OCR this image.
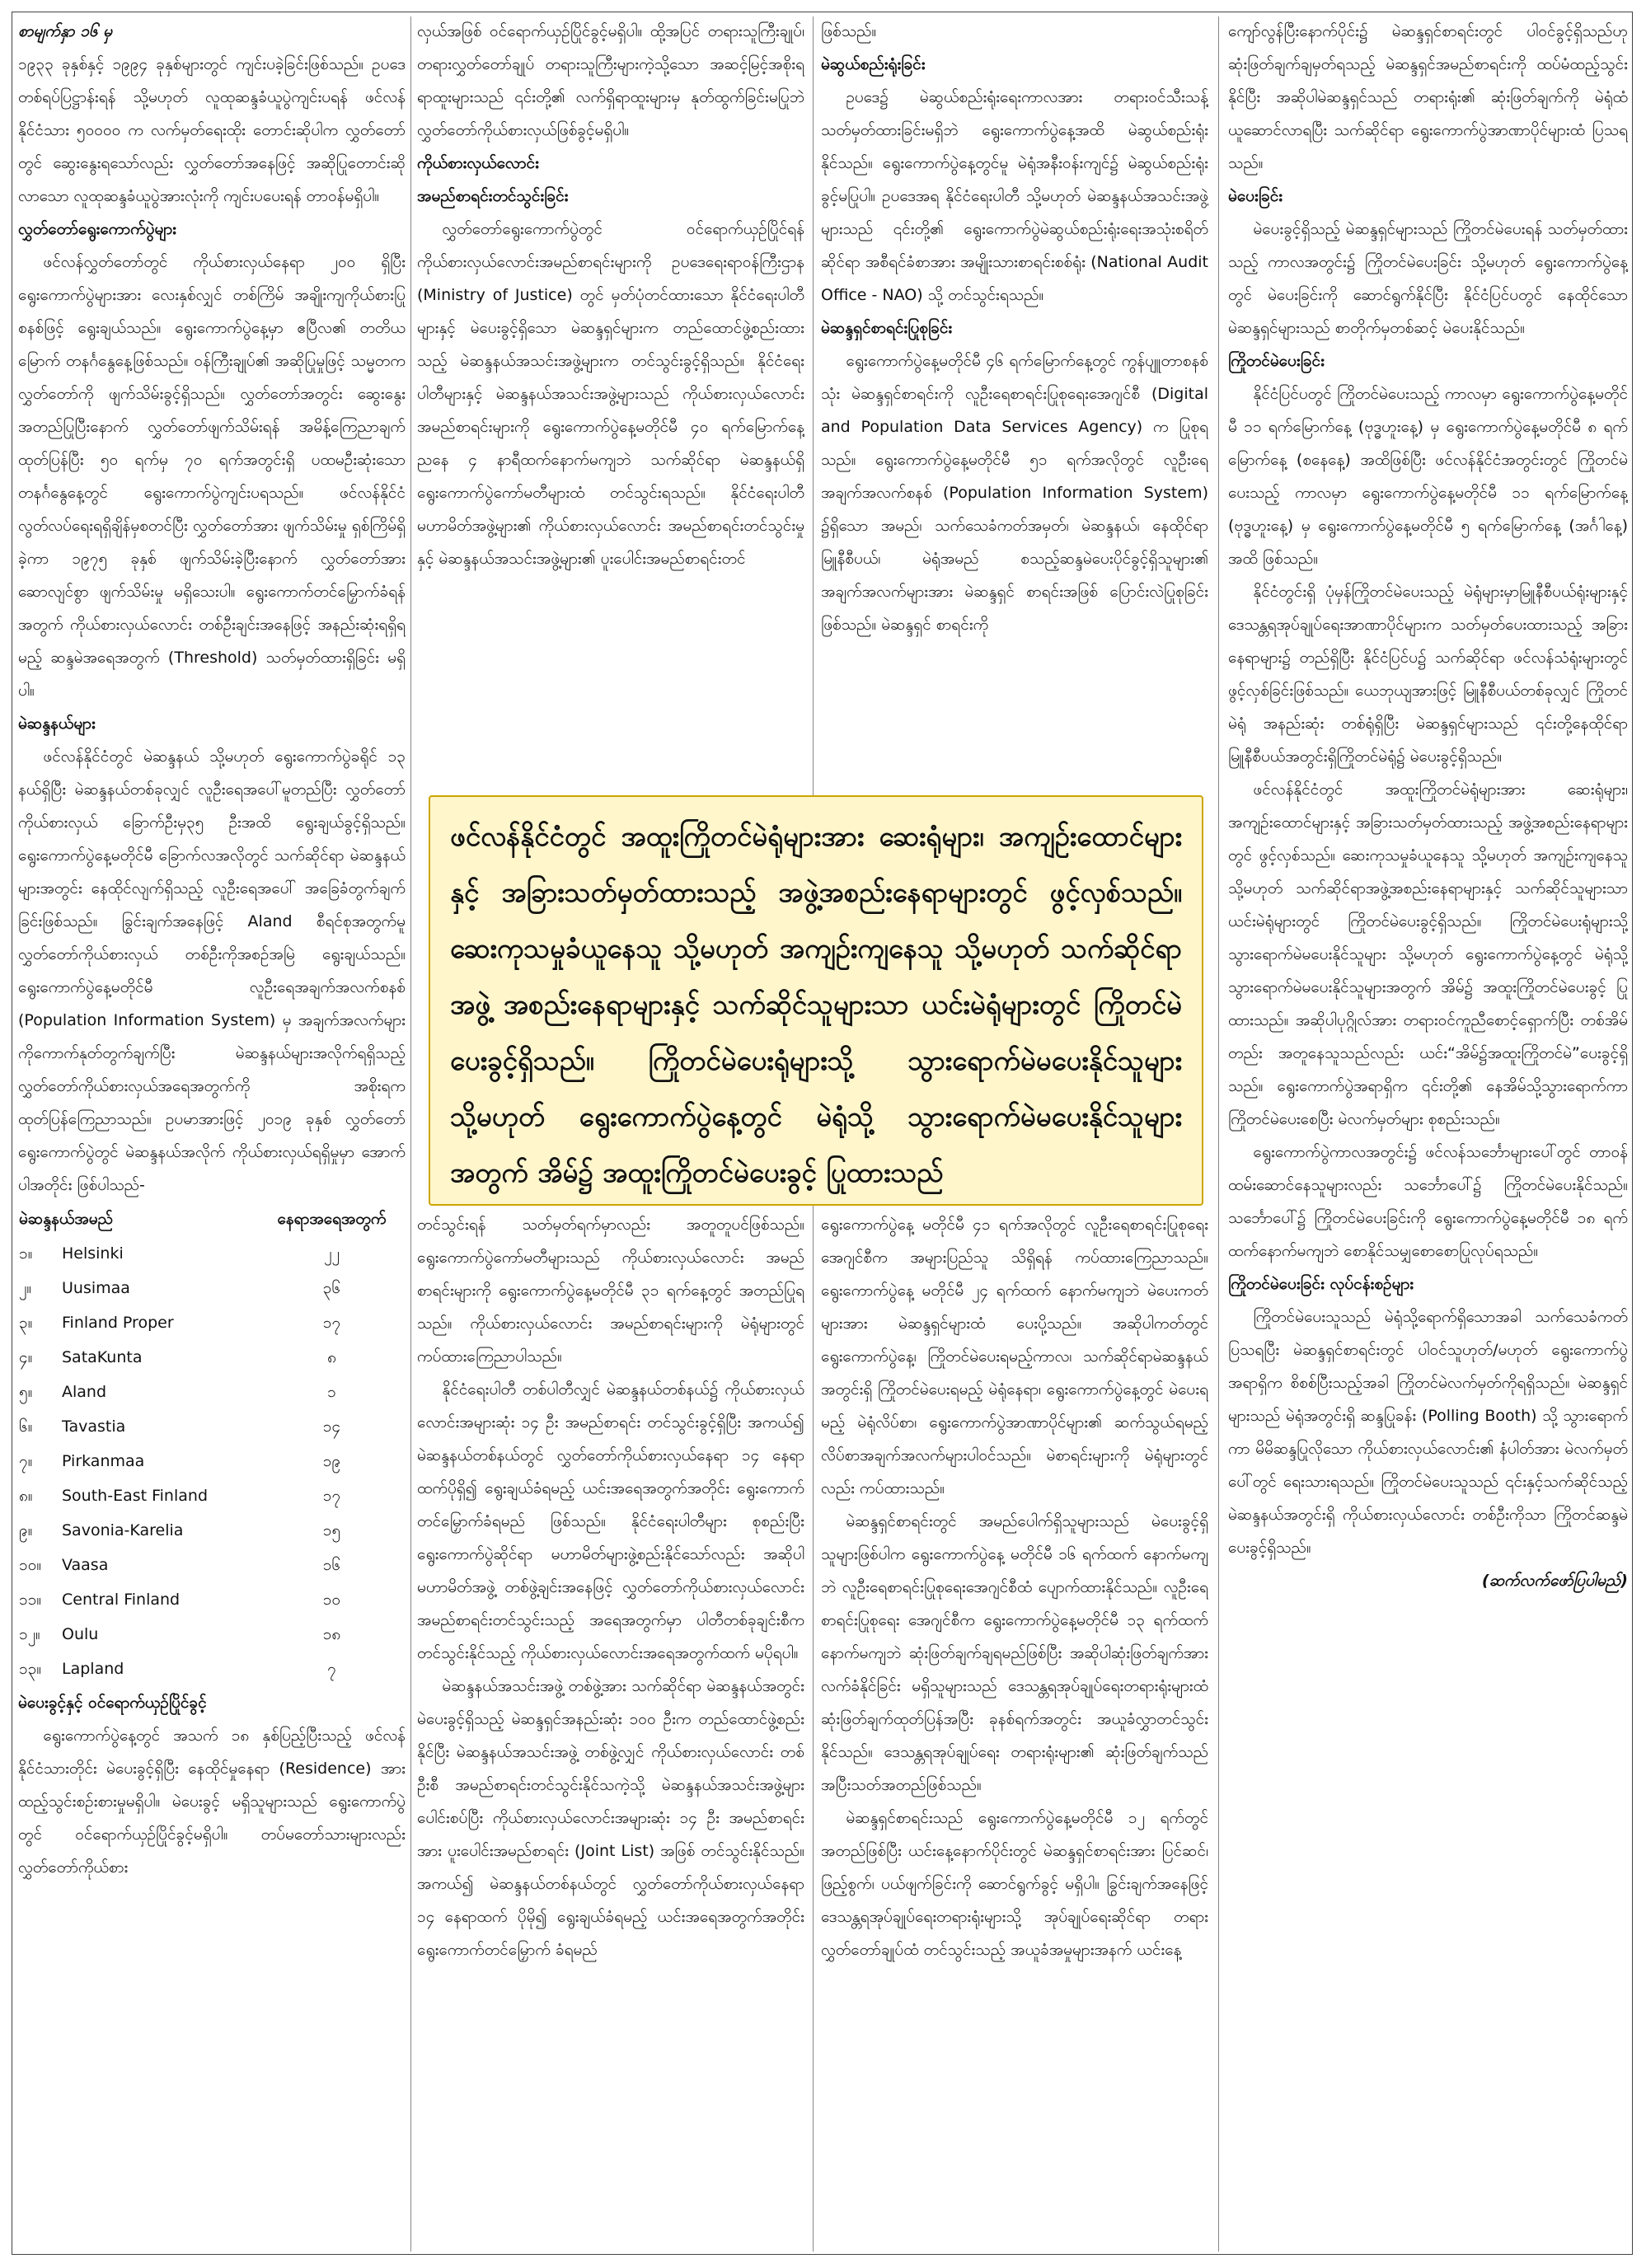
စာမျက်နှာ ၁၆ မှ

၁၉၃၃ ခုနှစ်နှင့် ၁၉၉၄ ခုနှစ်များတွင် ကျင်းပခဲ့ခြင်းဖြစ်သည်။ ဥပဒေတစ်ရပ်ပြဋ္ဌာန်းရန် သို့မဟုတ် လူထုဆန္ဒခံယူပွဲကျင်းပရန် ဖင်လန်နိုင်ငံသား ၅၀၀၀၀ က လက်မှတ်ရေးထိုး တောင်းဆိုပါက လွှတ်တော်တွင် ဆွေးနွေးရသော်လည်း လွှတ်တော်အနေဖြင့် အဆိုပြုတောင်းဆိုလာသော လူထုဆန္ဒခံယူပွဲအားလုံးကို ကျင်းပပေးရန် တာဝန်မရှိပါ။

လွှတ်တော်ရွေးကောက်ပွဲများ

ဖင်လန်လွှတ်တော်တွင် ကိုယ်စားလှယ်နေရာ ၂၀၀ ရှိပြီး ရွေးကောက်ပွဲများအား လေးနှစ်လျှင် တစ်ကြိမ် အချိုးကျကိုယ်စားပြုစနစ်ဖြင့် ရွေးချယ်သည်။ ရွေးကောက်ပွဲနေ့မှာ ဧပြီလ၏ တတိယမြောက် တနင်္ဂနွေနေ့ဖြစ်သည်။ ဝန်ကြီးချုပ်၏ အဆိုပြုမှုဖြင့် သမ္မတက လွှတ်တော်ကို ဖျက်သိမ်းခွင့်ရှိသည်။ လွှတ်တော်အတွင်း ဆွေးနွေးအတည်ပြုပြီးနောက် လွှတ်တော်ဖျက်သိမ်းရန် အမိန့်ကြေညာချက်ထုတ်ပြန်ပြီး ၅၀ ရက်မှ ၇၀ ရက်အတွင်းရှိ ပထမဦးဆုံးသော တနင်္ဂနွေနေ့တွင် ရွေးကောက်ပွဲကျင်းပရသည်။ ဖင်လန်နိုင်ငံ လွတ်လပ်ရေးရရှိချိန်မှစတင်ပြီး လွှတ်တော်အား ဖျက်သိမ်းမှု ရှစ်ကြိမ်ရှိခဲ့ကာ ၁၉၇၅ ခုနှစ် ဖျက်သိမ်းခဲ့ပြီးနောက် လွှတ်တော်အား ဆောလျင်စွာ ဖျက်သိမ်းမှု မရှိသေးပါ။ ရွေးကောက်တင်မြှောက်ခံရန်အတွက် ကိုယ်စားလှယ်လောင်း တစ်ဦးချင်းအနေဖြင့် အနည်းဆုံးရရှိရမည့် ဆန္ဒမဲအရေအတွက် (Threshold) သတ်မှတ်ထားရှိခြင်း မရှိပါ။

မဲဆန္ဒနယ်များ

ဖင်လန်နိုင်ငံတွင် မဲဆန္ဒနယ် သို့မဟုတ် ရွေးကောက်ပွဲခရိုင် ၁၃ နယ်ရှိပြီး မဲဆန္ဒနယ်တစ်ခုလျှင် လူဦးရေအပေါ်မူတည်ပြီး လွှတ်တော်ကိုယ်စားလှယ် ခြောက်ဦးမှ၃၅ ဦးအထိ ရွေးချယ်ခွင့်ရှိသည်။ ရွေးကောက်ပွဲနေ့မတိုင်မီ ခြောက်လအလိုတွင် သက်ဆိုင်ရာ မဲဆန္ဒနယ်များအတွင်း နေထိုင်လျက်ရှိသည့် လူဦးရေအပေါ် အခြေခံတွက်ချက်ခြင်းဖြစ်သည်။ ခြွင်းချက်အနေဖြင့် Aland စီရင်စုအတွက်မူ လွှတ်တော်ကိုယ်စားလှယ် တစ်ဦးကိုအစဉ်အမြဲ ရွေးချယ်သည်။ ရွေးကောက်ပွဲနေ့မတိုင်မီ လူဦးရေအချက်အလက်စနစ် (Population Information System) မှ အချက်အလက်များကိုကောက်နုတ်တွက်ချက်ပြီး မဲဆန္ဒနယ်များအလိုက်ရရှိသည့် လွှတ်တော်ကိုယ်စားလှယ်အရေအတွက်ကို အစိုးရက ထုတ်ပြန်ကြေညာသည်။ ဥပမာအားဖြင့် ၂၀၁၉ ခုနှစ် လွှတ်တော်ရွေးကောက်ပွဲတွင် မဲဆန္ဒနယ်အလိုက် ကိုယ်စားလှယ်ရရှိမှုမှာ အောက်ပါအတိုင်း ဖြစ်ပါသည်-

မဲဆန္ဒနယ်အမည်		နေရာအရေအတွက်
၁။	Helsinki	၂၂
၂။	Uusimaa	၃၆
၃။	Finland Proper	၁၇
၄။	SataKunta	၈
၅။	Aland	၁
၆။	Tavastia	၁၄
၇။	Pirkanmaa	၁၉
၈။	South-East Finland	၁၇
၉။	Savonia-Karelia	၁၅
၁၀။	Vaasa	၁၆
၁၁။	Central Finland	၁၀
၁၂။	Oulu	၁၈
၁၃။	Lapland	၇
မဲပေးခွင့်နှင့် ဝင်ရောက်ယှဉ်ပြိုင်ခွင့်

ရွေးကောက်ပွဲနေ့တွင် အသက် ၁၈ နှစ်ပြည့်ပြီးသည့် ဖင်လန်နိုင်ငံသားတိုင်း မဲပေးခွင့်ရှိပြီး နေထိုင်မှုနေရာ (Residence) အား ထည့်သွင်းစဉ်းစားမှုမရှိပါ။ မဲပေးခွင့် မရှိသူများသည် ရွေးကောက်ပွဲတွင် ဝင်ရောက်ယှဉ်ပြိုင်ခွင့်မရှိပါ။ တပ်မတော်သားများလည်း လွှတ်တော်ကိုယ်စား

လှယ်အဖြစ် ဝင်ရောက်ယှဉ်ပြိုင်ခွင့်မရှိပါ။ ထို့အပြင် တရားသူကြီးချုပ်၊ တရားလွှတ်တော်ချုပ် တရားသူကြီးများကဲ့သို့သော အဆင့်မြင့်အစိုးရရာထူးများသည် ၎င်းတို့၏ လက်ရှိရာထူးများမှ နုတ်ထွက်ခြင်းမပြုဘဲ လွှတ်တော်ကိုယ်စားလှယ်ဖြစ်ခွင့်မရှိပါ။

ကိုယ်စားလှယ်လောင်း
အမည်စာရင်းတင်သွင်းခြင်း

လွှတ်တော်ရွေးကောက်ပွဲတွင် ဝင်ရောက်ယှဉ်ပြိုင်ရန် ကိုယ်စားလှယ်လောင်းအမည်စာရင်းများကို ဥပဒေရေးရာဝန်ကြီးဌာန (Ministry of Justice) တွင် မှတ်ပုံတင်ထားသော နိုင်ငံရေးပါတီများနှင့် မဲပေးခွင့်ရှိသော မဲဆန္ဒရှင်များက တည်ထောင်ဖွဲ့စည်းထားသည့် မဲဆန္ဒနယ်အသင်းအဖွဲ့များက တင်သွင်းခွင့်ရှိသည်။ နိုင်ငံရေးပါတီများနှင့် မဲဆန္ဒနယ်အသင်းအဖွဲ့များသည် ကိုယ်စားလှယ်လောင်းအမည်စာရင်းများကို ရွေးကောက်ပွဲနေ့မတိုင်မီ ၄၀ ရက်မြောက်နေ့ ညနေ ၄ နာရီထက်နောက်မကျဘဲ သက်ဆိုင်ရာ မဲဆန္ဒနယ်ရှိ ရွေးကောက်ပွဲကော်မတီများထံ တင်သွင်းရသည်။ နိုင်ငံရေးပါတီမဟာမိတ်အဖွဲ့များ၏ ကိုယ်စားလှယ်လောင်း အမည်စာရင်းတင်သွင်းမှုနှင့် မဲဆန္ဒနယ်အသင်းအဖွဲ့များ၏ ပူးပေါင်းအမည်စာရင်းတင်

ဖြစ်သည်။

မဲဆွယ်စည်းရုံးခြင်း

ဥပဒေ၌ မဲဆွယ်စည်းရုံးရေးကာလအား တရားဝင်သီးသန့် သတ်မှတ်ထားခြင်းမရှိဘဲ ရွေးကောက်ပွဲနေ့အထိ မဲဆွယ်စည်းရုံးနိုင်သည်။ ရွေးကောက်ပွဲနေ့တွင်မူ မဲရုံအနီးဝန်းကျင်၌ မဲဆွယ်စည်းရုံးခွင့်မပြုပါ။ ဥပဒေအရ နိုင်ငံရေးပါတီ သို့မဟုတ် မဲဆန္ဒနယ်အသင်းအဖွဲ့များသည် ၎င်းတို့၏ ရွေးကောက်ပွဲမဲဆွယ်စည်းရုံးရေးအသုံးစရိတ်ဆိုင်ရာ အစီရင်ခံစာအား အမျိုးသားစာရင်းစစ်ရုံး (National Audit Office - NAO) သို့ တင်သွင်းရသည်။

မဲဆန္ဒရှင်စာရင်းပြုစုခြင်း

ရွေးကောက်ပွဲနေ့မတိုင်မီ ၄၆ ရက်မြောက်နေ့တွင် ကွန်ပျူတာစနစ်သုံး မဲဆန္ဒရှင်စာရင်းကို လူဦးရေစာရင်းပြုစုရေးအေဂျင်စီ (Digital and Population Data Services Agency) က ပြုစုရသည်။ ရွေးကောက်ပွဲနေ့မတိုင်မီ ၅၁ ရက်အလိုတွင် လူဦးရေအချက်အလက်စနစ် (Population Information System) ၌ရှိသော အမည်၊ သက်သေခံကတ်အမှတ်၊ မဲဆန္ဒနယ်၊ နေထိုင်ရာ မြူနီစီပယ်၊ မဲရုံအမည် စသည့်ဆန္ဒမဲပေးပိုင်ခွင့်ရှိသူများ၏ အချက်အလက်များအား မဲဆန္ဒရှင် စာရင်းအဖြစ် ပြောင်းလဲပြုစုခြင်းဖြစ်သည်။ မဲဆန္ဒရှင် စာရင်းကို

ဖင်လန်နိုင်ငံတွင် အထူးကြိုတင်မဲရုံများအား ဆေးရုံများ၊ အကျဉ်းထောင်များနှင့် အခြားသတ်မှတ်ထားသည့် အဖွဲ့အစည်းနေရာများတွင် ဖွင့်လှစ်သည်။ ဆေးကုသမှုခံယူနေသူ သို့မဟုတ် အကျဉ်းကျနေသူ သို့မဟုတ် သက်ဆိုင်ရာအဖွဲ့ အစည်းနေရာများနှင့် သက်ဆိုင်သူများသာ ယင်းမဲရုံများတွင် ကြိုတင်မဲပေးခွင့်ရှိသည်။ ကြိုတင်မဲပေးရုံများသို့ သွားရောက်မဲမပေးနိုင်သူများ သို့မဟုတ် ရွေးကောက်ပွဲနေ့တွင် မဲရုံသို့ သွားရောက်မဲမပေးနိုင်သူများအတွက် အိမ်၌ အထူးကြိုတင်မဲပေးခွင့် ပြုထားသည်

တင်သွင်းရန် သတ်မှတ်ရက်မှာလည်း အတူတူပင်ဖြစ်သည်။ ရွေးကောက်ပွဲကော်မတီများသည် ကိုယ်စားလှယ်လောင်း အမည်စာရင်းများကို ရွေးကောက်ပွဲနေ့မတိုင်မီ ၃၁ ရက်နေ့တွင် အတည်ပြုရသည်။ ကိုယ်စားလှယ်လောင်း အမည်စာရင်းများကို မဲရုံများတွင် ကပ်ထားကြေညာပါသည်။

နိုင်ငံရေးပါတီ တစ်ပါတီလျှင် မဲဆန္ဒနယ်တစ်နယ်၌ ကိုယ်စားလှယ်လောင်းအများဆုံး ၁၄ ဦး အမည်စာရင်း တင်သွင်းခွင့်ရှိပြီး အကယ်၍ မဲဆန္ဒနယ်တစ်နယ်တွင် လွှတ်တော်ကိုယ်စားလှယ်နေရာ ၁၄ နေရာထက်ပိုရှိ၍ ရွေးချယ်ခံရမည့် ယင်းအရေအတွက်အတိုင်း ရွေးကောက်တင်မြှောက်ခံရမည် ဖြစ်သည်။ နိုင်ငံရေးပါတီများ စုစည်းပြီး ရွေးကောက်ပွဲဆိုင်ရာ မဟာမိတ်များဖွဲ့စည်းနိုင်သော်လည်း အဆိုပါ မဟာမိတ်အဖွဲ့ တစ်ဖွဲ့ချင်းအနေဖြင့် လွှတ်တော်ကိုယ်စားလှယ်လောင်း အမည်စာရင်းတင်သွင်းသည့် အရေအတွက်မှာ ပါတီတစ်ခုချင်းစီက တင်သွင်းနိုင်သည့် ကိုယ်စားလှယ်လောင်းအရေအတွက်ထက် မပိုရပါ။

မဲဆန္ဒနယ်အသင်းအဖွဲ့ တစ်ဖွဲ့အား သက်ဆိုင်ရာ မဲဆန္ဒနယ်အတွင်း မဲပေးခွင့်ရှိသည့် မဲဆန္ဒရှင်အနည်းဆုံး ၁၀၀ ဦးက တည်ထောင်ဖွဲ့စည်းနိုင်ပြီး မဲဆန္ဒနယ်အသင်းအဖွဲ့ တစ်ဖွဲ့လျှင် ကိုယ်စားလှယ်လောင်း တစ်ဦးစီ အမည်စာရင်းတင်သွင်းနိုင်သကဲ့သို့ မဲဆန္ဒနယ်အသင်းအဖွဲ့များ ပေါင်းစပ်ပြီး ကိုယ်စားလှယ်လောင်းအများဆုံး ၁၄ ဦး အမည်စာရင်းအား ပူးပေါင်းအမည်စာရင်း (Joint List) အဖြစ် တင်သွင်းနိုင်သည်။ အကယ်၍ မဲဆန္ဒနယ်တစ်နယ်တွင် လွှတ်တော်ကိုယ်စားလှယ်နေရာ ၁၄ နေရာထက် ပိုမို၍ ရွေးချယ်ခံရမည့် ယင်းအရေအတွက်အတိုင်း ရွေးကောက်တင်မြှောက် ခံရမည်

ရွေးကောက်ပွဲနေ့ မတိုင်မီ ၄၁ ရက်အလိုတွင် လူဦးရေစာရင်းပြုစုရေးအေဂျင်စီက အများပြည်သူ သိရှိရန် ကပ်ထားကြေညာသည်။ ရွေးကောက်ပွဲနေ့ မတိုင်မီ ၂၄ ရက်ထက် နောက်မကျဘဲ မဲပေးကတ်များအား မဲဆန္ဒရှင်များထံ ပေးပို့သည်။ အဆိုပါကတ်တွင် ရွေးကောက်ပွဲနေ့၊ ကြိုတင်မဲပေးရမည့်ကာလ၊ သက်ဆိုင်ရာမဲဆန္ဒနယ်အတွင်းရှိ ကြိုတင်မဲပေးရမည့် မဲရုံနေရာ၊ ရွေးကောက်ပွဲနေ့တွင် မဲပေးရမည့် မဲရုံလိပ်စာ၊ ရွေးကောက်ပွဲအာဏာပိုင်များ၏ ဆက်သွယ်ရမည့်လိပ်စာအချက်အလက်များပါဝင်သည်။ မဲစာရင်းများကို မဲရုံများတွင်လည်း ကပ်ထားသည်။

မဲဆန္ဒရှင်စာရင်းတွင် အမည်ပေါက်ရှိသူများသည် မဲပေးခွင့်ရှိသူများဖြစ်ပါက ရွေးကောက်ပွဲနေ့ မတိုင်မီ ၁၆ ရက်ထက် နောက်မကျဘဲ လူဦးရေစာရင်းပြုစုရေးအေဂျင်စီထံ ပျောက်ထားနိုင်သည်။ လူဦးရေစာရင်းပြုစုရေး အေဂျင်စီက ရွေးကောက်ပွဲနေ့မတိုင်မီ ၁၃ ရက်ထက် နောက်မကျဘဲ ဆုံးဖြတ်ချက်ချရမည်ဖြစ်ပြီး အဆိုပါဆုံးဖြတ်ချက်အား လက်ခံနိုင်ခြင်း မရှိသူများသည် ဒေသန္တရအုပ်ချုပ်ရေးတရားရုံးများထံ ဆုံးဖြတ်ချက်ထုတ်ပြန်အပြီး ခုနစ်ရက်အတွင်း အယူခံလွှာတင်သွင်းနိုင်သည်။ ဒေသန္တရအုပ်ချုပ်ရေး တရားရုံးများ၏ ဆုံးဖြတ်ချက်သည် အပြီးသတ်အတည်ဖြစ်သည်။

မဲဆန္ဒရှင်စာရင်းသည် ရွေးကောက်ပွဲနေ့မတိုင်မီ ၁၂ ရက်တွင် အတည်ဖြစ်ပြီး ယင်းနေ့နောက်ပိုင်းတွင် မဲဆန္ဒရှင်စာရင်းအား ပြင်ဆင်၊ ဖြည့်စွက်၊ ပယ်ဖျက်ခြင်းကို ဆောင်ရွက်ခွင့် မရှိပါ။ ခြွင်းချက်အနေဖြင့် ဒေသန္တရအုပ်ချုပ်ရေးတရားရုံးများသို့ အုပ်ချုပ်ရေးဆိုင်ရာ တရားလွှတ်တော်ချုပ်ထံ တင်သွင်းသည့် အယူခံအမှုများအနက် ယင်းနေ့

ကျော်လွန်ပြီးနောက်ပိုင်း၌ မဲဆန္ဒရှင်စာရင်းတွင် ပါဝင်ခွင့်ရှိသည်ဟု ဆုံးဖြတ်ချက်ချမှတ်ရသည့် မဲဆန္ဒရှင်အမည်စာရင်းကို ထပ်မံထည့်သွင်းနိုင်ပြီး အဆိုပါမဲဆန္ဒရှင်သည် တရားရုံး၏ ဆုံးဖြတ်ချက်ကို မဲရုံထံယူဆောင်လာရပြီး သက်ဆိုင်ရာ ရွေးကောက်ပွဲအာဏာပိုင်များထံ ပြသရသည်။

မဲပေးခြင်း

မဲပေးခွင့်ရှိသည့် မဲဆန္ဒရှင်များသည် ကြိုတင်မဲပေးရန် သတ်မှတ်ထားသည့် ကာလအတွင်း၌ ကြိုတင်မဲပေးခြင်း သို့မဟုတ် ရွေးကောက်ပွဲနေ့တွင် မဲပေးခြင်းကို ဆောင်ရွက်နိုင်ပြီး နိုင်ငံပြင်ပတွင် နေထိုင်သော မဲဆန္ဒရှင်များသည် စာတိုက်မှတစ်ဆင့် မဲပေးနိုင်သည်။

ကြိုတင်မဲပေးခြင်း

နိုင်ငံပြင်ပတွင် ကြိုတင်မဲပေးသည့် ကာလမှာ ရွေးကောက်ပွဲနေ့မတိုင်မီ ၁၁ ရက်မြောက်နေ့ (ဗုဒ္ဓဟူးနေ့) မှ ရွေးကောက်ပွဲနေ့မတိုင်မီ ၈ ရက်မြောက်နေ့ (စနေနေ့) အထိဖြစ်ပြီး ဖင်လန်နိုင်ငံအတွင်းတွင် ကြိုတင်မဲပေးသည့် ကာလမှာ ရွေးကောက်ပွဲနေ့မတိုင်မီ ၁၁ ရက်မြောက်နေ့ (ဗုဒ္ဓဟူးနေ့) မှ ရွေးကောက်ပွဲနေ့မတိုင်မီ ၅ ရက်မြောက်နေ့ (အင်္ဂါနေ့) အထိ ဖြစ်သည်။

နိုင်ငံတွင်းရှိ ပုံမှန်ကြိုတင်မဲပေးသည့် မဲရုံများမှာမြူနီစီပယ်ရုံးများနှင့် ဒေသန္တရအုပ်ချုပ်ရေးအာဏာပိုင်များက သတ်မှတ်ပေးထားသည့် အခြားနေရာများ၌ တည်ရှိပြီး နိုင်ငံပြင်ပ၌ သက်ဆိုင်ရာ ဖင်လန်သံရုံးများတွင် ဖွင့်လှစ်ခြင်းဖြစ်သည်။ ယေဘုယျအားဖြင့် မြူနီစီပယ်တစ်ခုလျှင် ကြိုတင်မဲရုံ အနည်းဆုံး တစ်ရုံရှိပြီး မဲဆန္ဒရှင်များသည် ၎င်းတို့နေထိုင်ရာ မြူနီစီပယ်အတွင်းရှိကြိုတင်မဲရုံ၌ မဲပေးခွင့်ရှိသည်။

ဖင်လန်နိုင်ငံတွင် အထူးကြိုတင်မဲရုံများအား ဆေးရုံများ၊ အကျဉ်းထောင်များနှင့် အခြားသတ်မှတ်ထားသည့် အဖွဲ့အစည်းနေရာများတွင် ဖွင့်လှစ်သည်။ ဆေးကုသမှုခံယူနေသူ သို့မဟုတ် အကျဉ်းကျနေသူ သို့မဟုတ် သက်ဆိုင်ရာအဖွဲ့အစည်းနေရာများနှင့် သက်ဆိုင်သူများသာ ယင်းမဲရုံများတွင် ကြိုတင်မဲပေးခွင့်ရှိသည်။ ကြိုတင်မဲပေးရုံများသို့ သွားရောက်မဲမပေးနိုင်သူများ သို့မဟုတ် ရွေးကောက်ပွဲနေ့တွင် မဲရုံသို့ သွားရောက်မဲမပေးနိုင်သူများအတွက် အိမ်၌ အထူးကြိုတင်မဲပေးခွင့် ပြုထားသည်။ အဆိုပါပုဂ္ဂိုလ်အား တရားဝင်ကူညီစောင့်ရှောက်ပြီး တစ်အိမ်တည်း အတူနေသူသည်လည်း ယင်း“အိမ်၌အထူးကြိုတင်မဲ”ပေးခွင့်ရှိသည်။ ရွေးကောက်ပွဲအရာရှိက ၎င်းတို့၏ နေအိမ်သို့သွားရောက်ကာ ကြိုတင်မဲပေးစေပြီး မဲလက်မှတ်များ စုစည်းသည်။

ရွေးကောက်ပွဲကာလအတွင်း၌ ဖင်လန်သင်္ဘောများပေါ်တွင် တာဝန်ထမ်းဆောင်နေသူများလည်း သင်္ဘောပေါ်၌ ကြိုတင်မဲပေးနိုင်သည်။ သင်္ဘောပေါ်၌ ကြိုတင်မဲပေးခြင်းကို ရွေးကောက်ပွဲနေ့မတိုင်မီ ၁၈ ရက်ထက်နောက်မကျဘဲ စောနိုင်သမျှစောစောပြုလုပ်ရသည်။

ကြိုတင်မဲပေးခြင်း လုပ်ငန်းစဉ်များ

ကြိုတင်မဲပေးသူသည် မဲရုံသို့ရောက်ရှိသောအခါ သက်သေခံကတ်ပြသရပြီး မဲဆန္ဒရှင်စာရင်းတွင် ပါဝင်သူဟုတ်/မဟုတ် ရွေးကောက်ပွဲအရာရှိက စိစစ်ပြီးသည့်အခါ ကြိုတင်မဲလက်မှတ်ကိုရရှိသည်။ မဲဆန္ဒရှင်များသည် မဲရုံအတွင်းရှိ ဆန္ဒပြုခန်း (Polling Booth) သို့ သွားရောက်ကာ မိမိဆန္ဒပြုလိုသော ကိုယ်စားလှယ်လောင်း၏ နံပါတ်အား မဲလက်မှတ်ပေါ်တွင် ရေးသားရသည်။ ကြိုတင်မဲပေးသူသည် ၎င်းနှင့်သက်ဆိုင်သည့် မဲဆန္ဒနယ်အတွင်းရှိ ကိုယ်စားလှယ်လောင်း တစ်ဦးကိုသာ ကြိုတင်ဆန္ဒမဲပေးခွင့်ရှိသည်။

(ဆက်လက်ဖော်ပြပါမည်)
